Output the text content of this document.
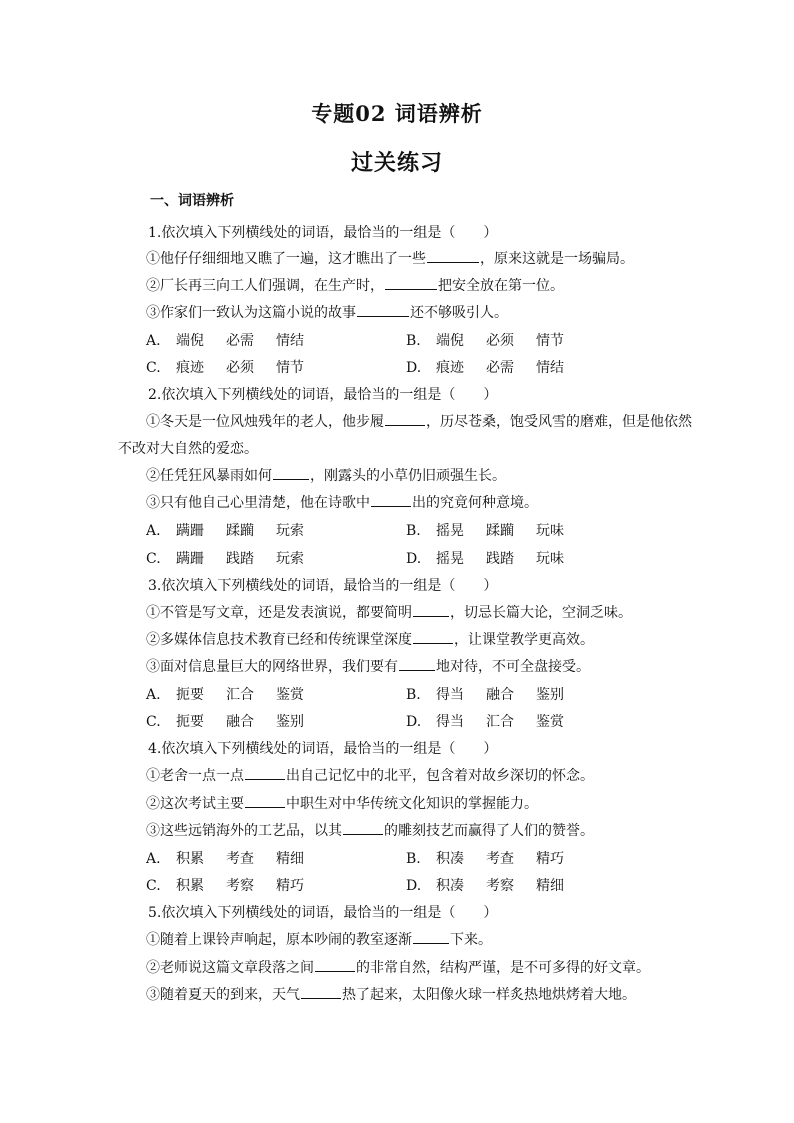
专题02 词语辨析
过关练习
一、词语辨析
1.依次填入下列横线处的词语，最恰当的一组是（　　）
①他仔仔细细地又瞧了一遍，这才瞧出了一些	，原来这就是一场骗局。
②厂长再三向工人们强调，在生产时，	把安全放在第一位。
③作家们一致认为这篇小说的故事	还不够吸引人。
A. 端倪 必需 情结	B. 端倪 必须 情节
C. 痕迹 必须 情节	D. 痕迹 必需 情结
2.依次填入下列横线处的词语，最恰当的一组是（　　）
①冬天是一位风烛残年的老人，他步履	，历尽苍桑，饱受风雪的磨难，但是他依然
不改对大自然的爱恋。
②任凭狂风暴雨如何	，刚露头的小草仍旧顽强生长。
③只有他自己心里清楚，他在诗歌中	出的究竟何种意境。
A. 蹒跚 蹂躏 玩索	B. 摇晃 蹂躏 玩味
C. 蹒跚 践踏 玩索	D. 摇晃 践踏 玩味
3.依次填入下列横线处的词语，最恰当的一组是（　　）
①不管是写文章，还是发表演说，都要简明	，切忌长篇大论，空洞乏味。
②多媒体信息技术教育已经和传统课堂深度	，让课堂教学更高效。
③面对信息量巨大的网络世界，我们要有	地对待，不可全盘接受。
A. 扼要 汇合 鉴赏	B. 得当 融合 鉴别
C. 扼要 融合 鉴别	D. 得当 汇合 鉴赏
4.依次填入下列横线处的词语，最恰当的一组是（　　）
①老舍一点一点	出自己记忆中的北平，包含着对故乡深切的怀念。
②这次考试主要	中职生对中华传统文化知识的掌握能力。
③这些远销海外的工艺品，以其	的雕刻技艺而赢得了人们的赞誉。
A. 积累 考查 精细	B. 积凑 考查 精巧
C. 积累 考察 精巧	D. 积凑 考察 精细
5.依次填入下列横线处的词语，最恰当的一组是（　　）
①随着上课铃声响起，原本吵闹的教室逐渐	下来。
②老师说这篇文章段落之间	的非常自然，结构严谨，是不可多得的好文章。
③随着夏天的到来，天气	热了起来，太阳像火球一样炙热地烘烤着大地。
